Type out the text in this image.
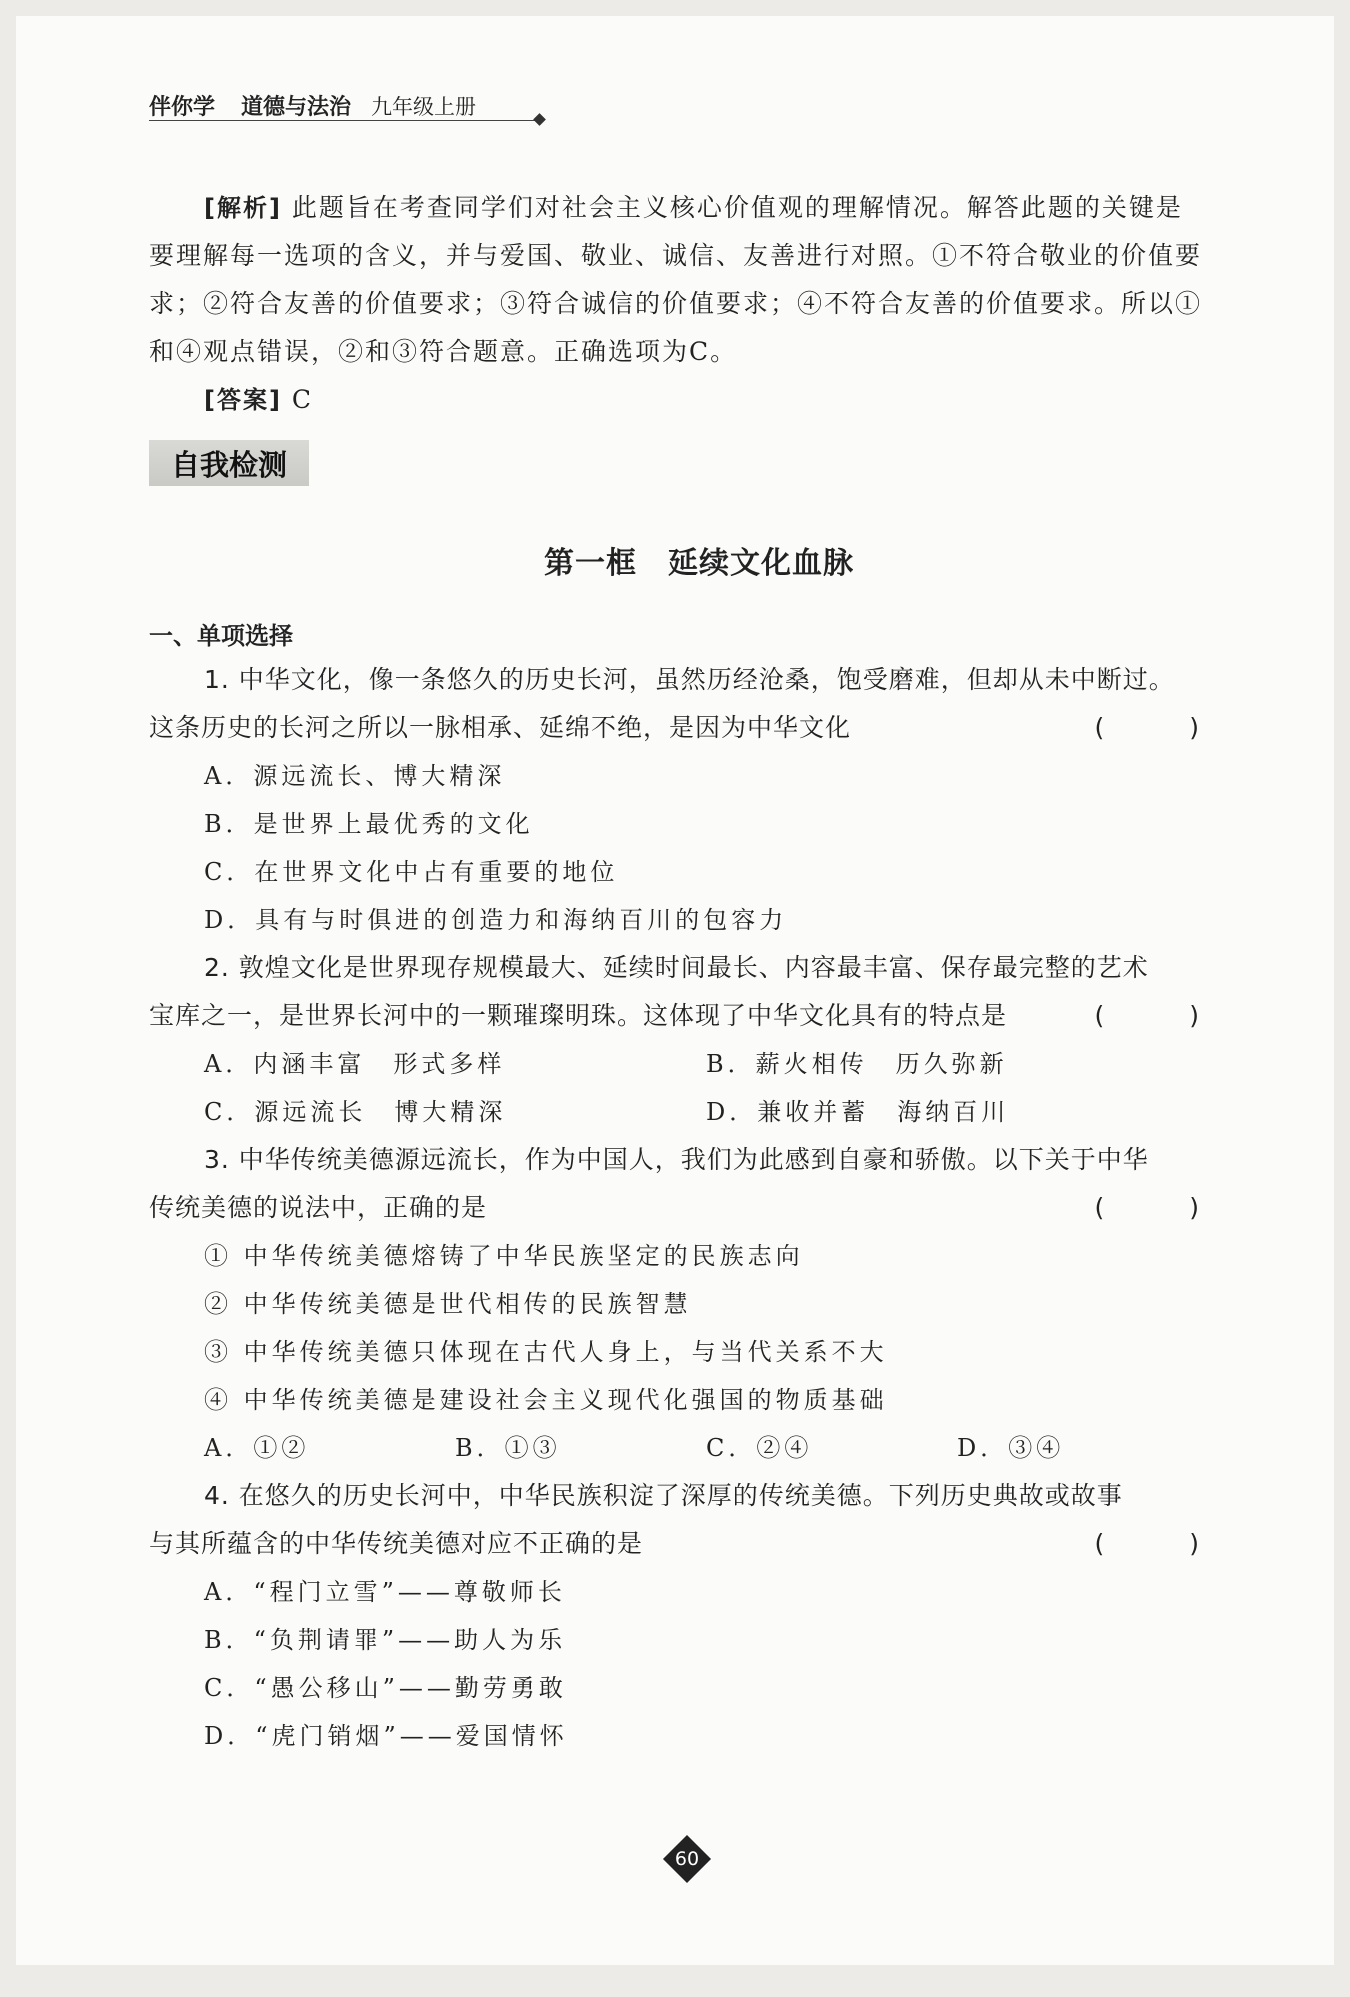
伴你学 道德与法治 九年级上册
[解析] 此题旨在考查同学们对社会主义核心价值观的理解情况。解答此题的关键是要理解每一选项的含义，并与爱国、敬业、诚信、友善进行对照。①不符合敬业的价值要求；②符合友善的价值要求；③符合诚信的价值要求；④不符合友善的价值要求。所以①和④观点错误，②和③符合题意。正确选项为C。
[答案] C
自我检测
第一框　延续文化血脉
一、单项选择
1. 中华文化，像一条悠久的历史长河，虽然历经沧桑，饱受磨难，但却从未中断过。
这条历史的长河之所以一脉相承、延绵不绝，是因为中华文化	(　)
A．源远流长、博大精深
B．是世界上最优秀的文化
C．在世界文化中占有重要的地位
D．具有与时俱进的创造力和海纳百川的包容力
2. 敦煌文化是世界现存规模最大、延续时间最长、内容最丰富、保存最完整的艺术
宝库之一，是世界长河中的一颗璀璨明珠。这体现了中华文化具有的特点是	(　)
A．内涵丰富　形式多样	B．薪火相传　历久弥新
C．源远流长　博大精深	D．兼收并蓄　海纳百川
3. 中华传统美德源远流长，作为中国人，我们为此感到自豪和骄傲。以下关于中华
传统美德的说法中，正确的是	(　)
① 中华传统美德熔铸了中华民族坚定的民族志向
② 中华传统美德是世代相传的民族智慧
③ 中华传统美德只体现在古代人身上，与当代关系不大
④ 中华传统美德是建设社会主义现代化强国的物质基础
A．①②	B．①③	C．②④	D．③④
4. 在悠久的历史长河中，中华民族积淀了深厚的传统美德。下列历史典故或故事
与其所蕴含的中华传统美德对应不正确的是	(　)
A．“程门立雪”——尊敬师长
B．“负荆请罪”——助人为乐
C．“愚公移山”——勤劳勇敢
D．“虎门销烟”——爱国情怀
60
